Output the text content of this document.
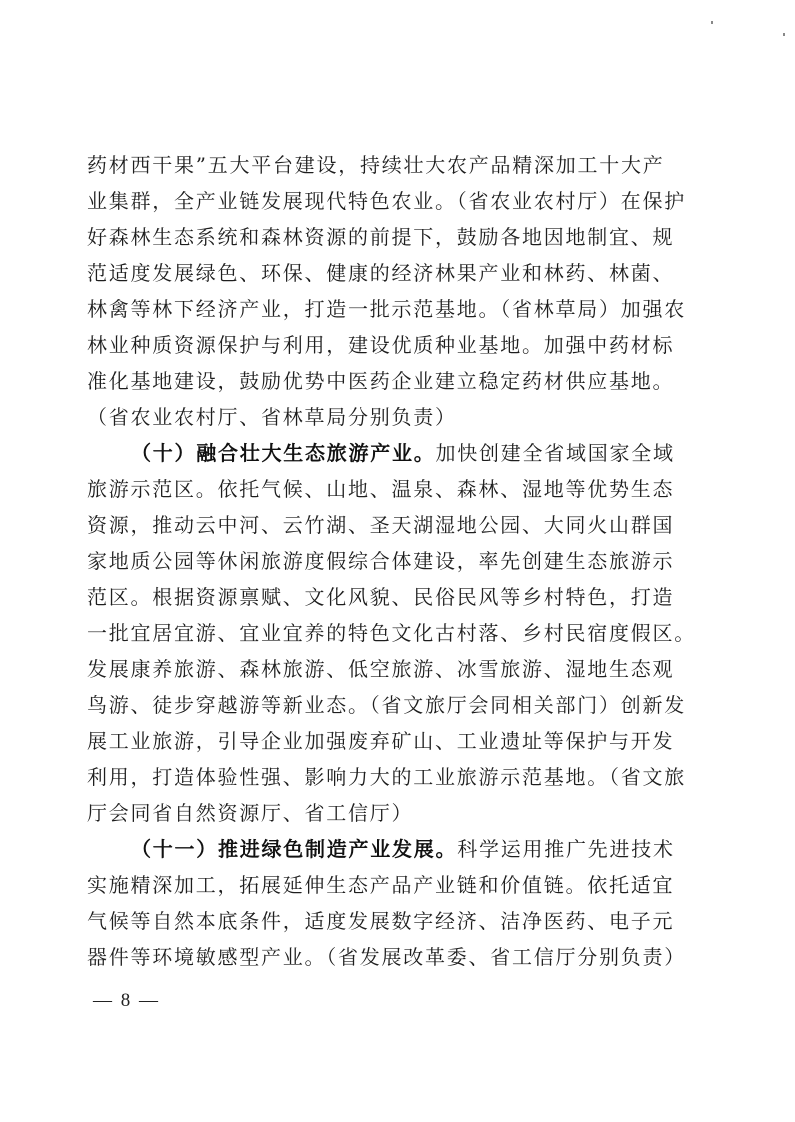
药材西干果”五大平台建设，持续壮大农产品精深加工十大产
业集群，全产业链发展现代特色农业。（省农业农村厅）在保护
好森林生态系统和森林资源的前提下，鼓励各地因地制宜、规
范适度发展绿色、环保、健康的经济林果产业和林药、林菌、
林禽等林下经济产业，打造一批示范基地。（省林草局）加强农
林业种质资源保护与利用，建设优质种业基地。加强中药材标
准化基地建设，鼓励优势中医药企业建立稳定药材供应基地。
（省农业农村厅、省林草局分别负责）
（十）融合壮大生态旅游产业。加快创建全省域国家全域
旅游示范区。依托气候、山地、温泉、森林、湿地等优势生态
资源，推动云中河、云竹湖、圣天湖湿地公园、大同火山群国
家地质公园等休闲旅游度假综合体建设，率先创建生态旅游示
范区。根据资源禀赋、文化风貌、民俗民风等乡村特色，打造
一批宜居宜游、宜业宜养的特色文化古村落、乡村民宿度假区。
发展康养旅游、森林旅游、低空旅游、冰雪旅游、湿地生态观
鸟游、徒步穿越游等新业态。（省文旅厅会同相关部门）创新发
展工业旅游，引导企业加强废弃矿山、工业遗址等保护与开发
利用，打造体验性强、影响力大的工业旅游示范基地。（省文旅
厅会同省自然资源厅、省工信厅）
（十一）推进绿色制造产业发展。科学运用推广先进技术
实施精深加工，拓展延伸生态产品产业链和价值链。依托适宜
气候等自然本底条件，适度发展数字经济、洁净医药、电子元
器件等环境敏感型产业。（省发展改革委、省工信厅分别负责）
— 8 —
